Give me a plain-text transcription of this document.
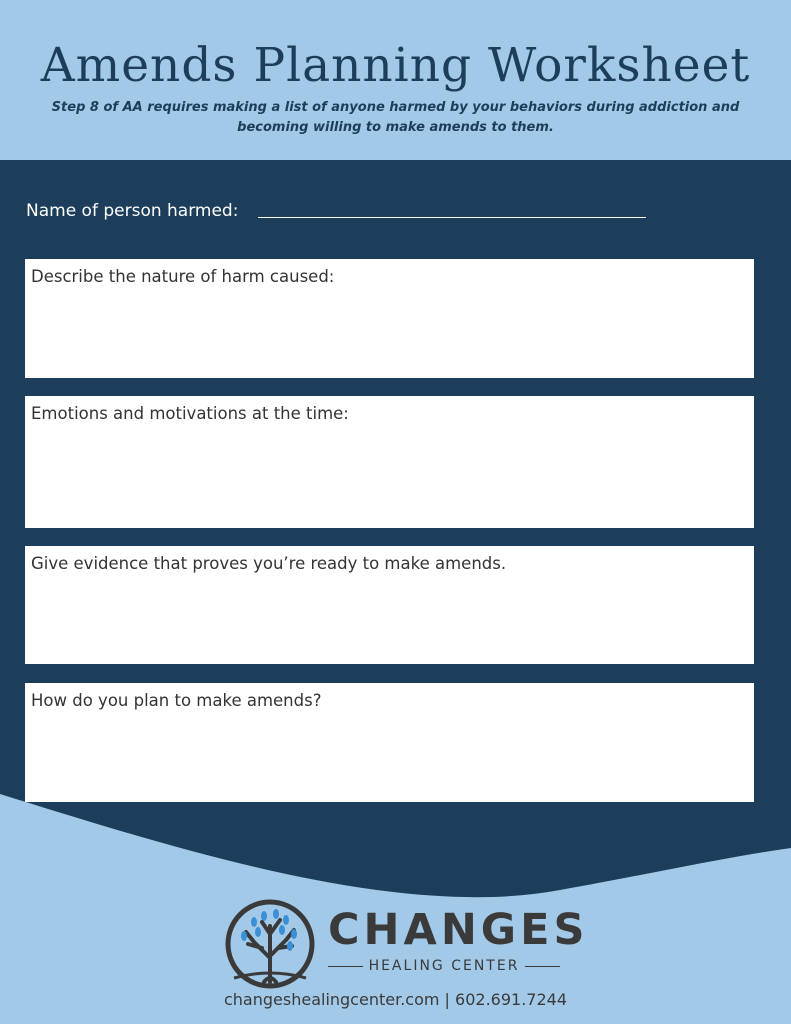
Amends Planning Worksheet
Step 8 of AA requires making a list of anyone harmed by your behaviors during addiction and becoming willing to make amends to them.
Name of person harmed:
Describe the nature of harm caused:
Emotions and motivations at the time:
Give evidence that proves you’re ready to make amends.
How do you plan to make amends?
CHANGES
HEALING CENTER
changeshealingcenter.com | 602.691.7244
